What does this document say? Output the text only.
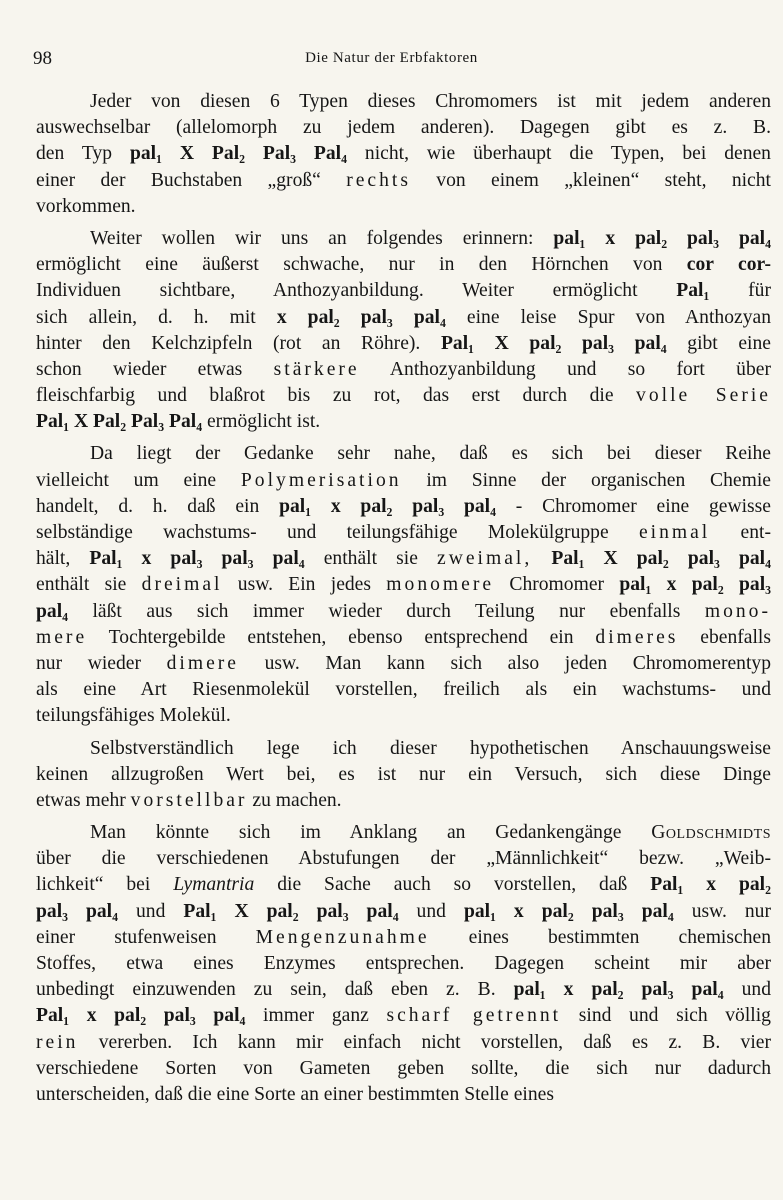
98	Die Natur der Erbfaktoren
Jeder von diesen 6 Typen dieses Chromomers ist mit jedem anderen
auswechselbar (allelomorph zu jedem anderen). Dagegen gibt es z. B.
den Typ pal₁ X Pal₂ Pal₃ Pal₄ nicht, wie überhaupt die Typen, bei denen
einer der Buchstaben „groß“ rechts von einem „kleinen“ steht, nicht
vorkommen.
Weiter wollen wir uns an folgendes erinnern: pal₁ x pal₂ pal₃ pal₄
ermöglicht eine äußerst schwache, nur in den Hörnchen von cor cor-
Individuen sichtbare, Anthozyanbildung. Weiter ermöglicht Pal₁ für
sich allein, d. h. mit x pal₂ pal₃ pal₄ eine leise Spur von Anthozyan
hinter den Kelchzipfeln (rot an Röhre). Pal₁ X pal₂ pal₃ pal₄ gibt eine
schon wieder etwas stärkere Anthozyanbildung und so fort über
fleischfarbig und blaßrot bis zu rot, das erst durch die volle Serie
Pal₁ X Pal₂ Pal₃ Pal₄ ermöglicht ist.
Da liegt der Gedanke sehr nahe, daß es sich bei dieser Reihe
vielleicht um eine Polymerisation im Sinne der organischen Chemie
handelt, d. h. daß ein pal₁ x pal₂ pal₃ pal₄ - Chromomer eine gewisse
selbständige wachstums- und teilungsfähige Molekülgruppe einmal ent-
hält, Pal₁ x pal₃ pal₃ pal₄ enthält sie zweimal, Pal₁ X pal₂ pal₃ pal₄
enthält sie dreimal usw. Ein jedes monomere Chromomer pal₁ x pal₂ pal₃
pal₄ läßt aus sich immer wieder durch Teilung nur ebenfalls mono-
mere Tochtergebilde entstehen, ebenso entsprechend ein dimeres ebenfalls
nur wieder dimere usw. Man kann sich also jeden Chromomerentyp
als eine Art Riesenmolekül vorstellen, freilich als ein wachstums- und
teilungsfähiges Molekül.
Selbstverständlich lege ich dieser hypothetischen Anschauungsweise
keinen allzugroßen Wert bei, es ist nur ein Versuch, sich diese Dinge
etwas mehr vorstellbar zu machen.
Man könnte sich im Anklang an Gedankengänge Goldschmidts
über die verschiedenen Abstufungen der „Männlichkeit“ bezw. „Weib-
lichkeit“ bei Lymantria die Sache auch so vorstellen, daß Pal₁ x pal₂
pal₃ pal₄ und Pal₁ X pal₂ pal₃ pal₄ und pal₁ x pal₂ pal₃ pal₄ usw. nur
einer stufenweisen Mengenzunahme eines bestimmten chemischen
Stoffes, etwa eines Enzymes entsprechen. Dagegen scheint mir aber
unbedingt einzuwenden zu sein, daß eben z. B. pal₁ x pal₂ pal₃ pal₄ und
Pal₁ x pal₂ pal₃ pal₄ immer ganz scharf getrennt sind und sich völlig
rein vererben. Ich kann mir einfach nicht vorstellen, daß es z. B. vier
verschiedene Sorten von Gameten geben sollte, die sich nur dadurch
unterscheiden, daß die eine Sorte an einer bestimmten Stelle eines
